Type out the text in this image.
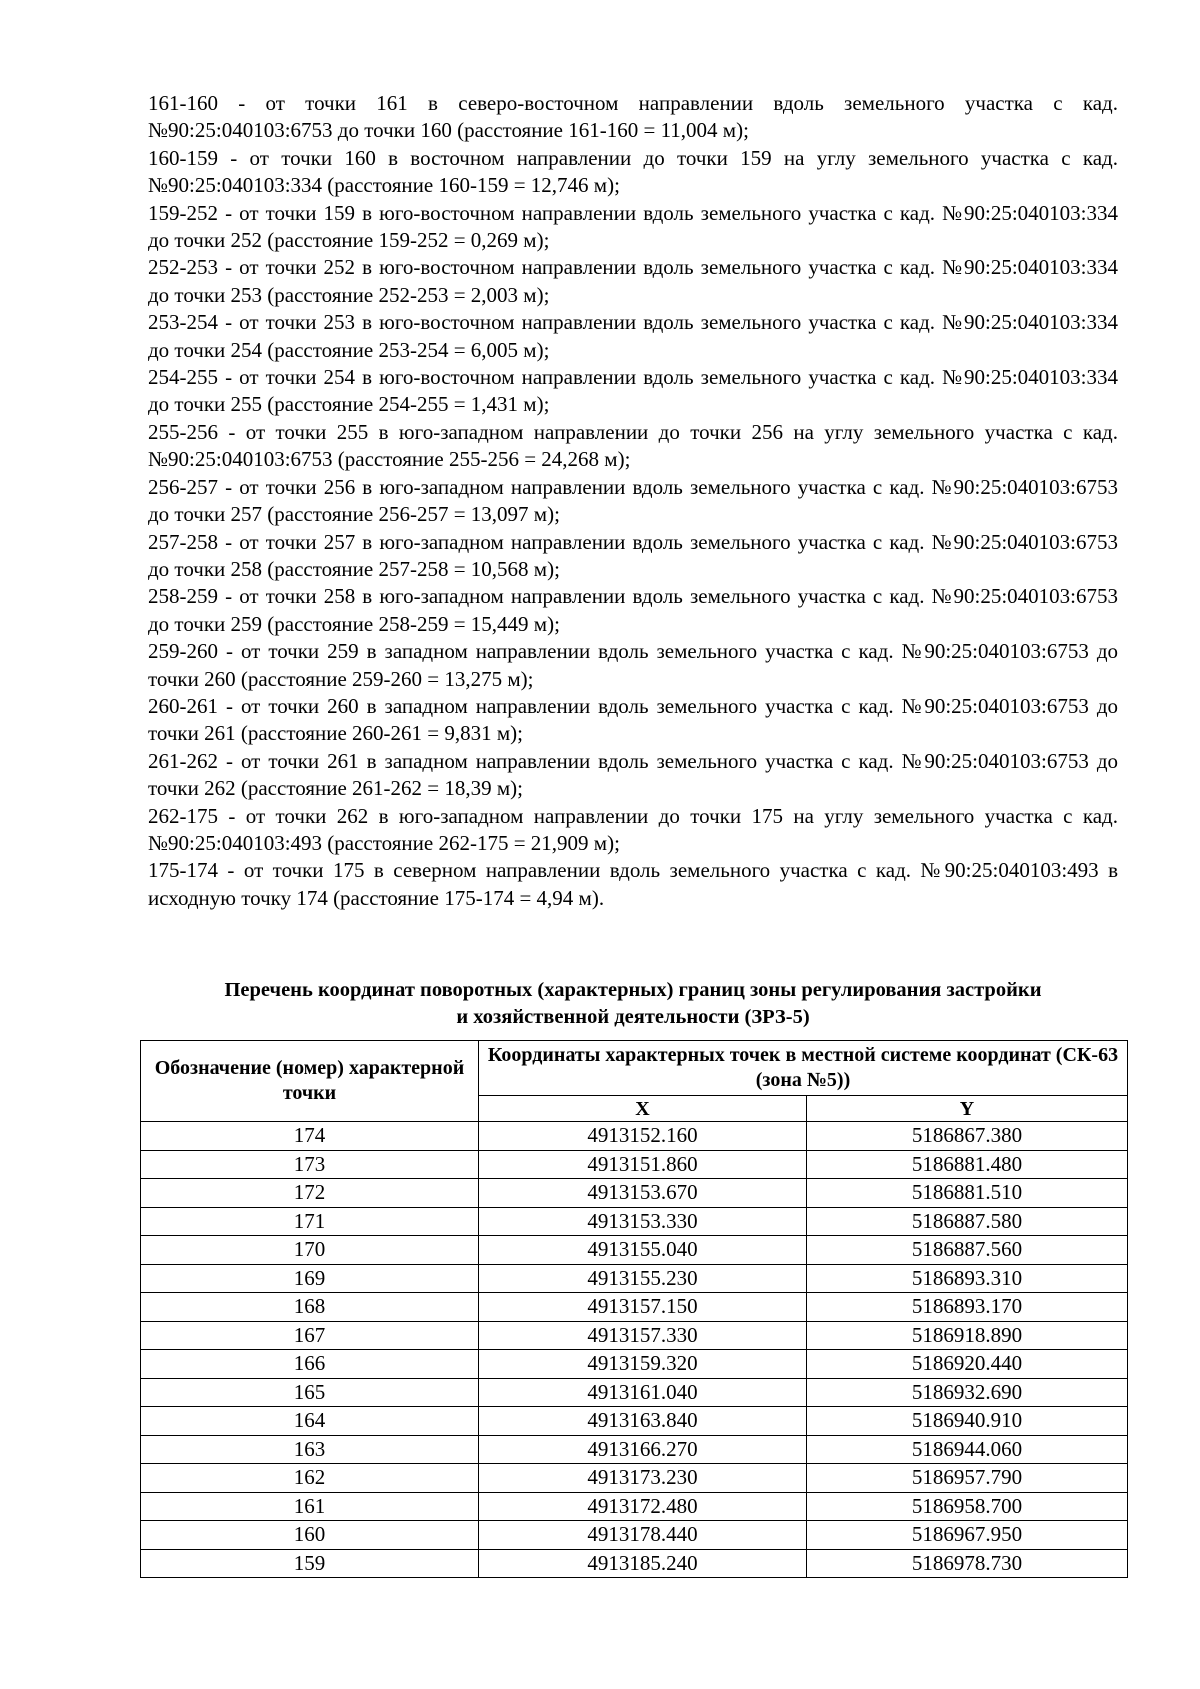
161-160 - от точки 161 в северо-восточном направлении вдоль земельного участка с кад. №90:25:040103:6753 до точки 160 (расстояние 161-160 = 11,004 м);

160-159 - от точки 160 в восточном направлении до точки 159 на углу земельного участка с кад. №90:25:040103:334 (расстояние 160-159 = 12,746 м);

159-252 - от точки 159 в юго-восточном направлении вдоль земельного участка с кад. №90:25:040103:334 до точки 252 (расстояние 159-252 = 0,269 м);

252-253 - от точки 252 в юго-восточном направлении вдоль земельного участка с кад. №90:25:040103:334 до точки 253 (расстояние 252-253 = 2,003 м);

253-254 - от точки 253 в юго-восточном направлении вдоль земельного участка с кад. №90:25:040103:334 до точки 254 (расстояние 253-254 = 6,005 м);

254-255 - от точки 254 в юго-восточном направлении вдоль земельного участка с кад. №90:25:040103:334 до точки 255 (расстояние 254-255 = 1,431 м);

255-256 - от точки 255 в юго-западном направлении до точки 256 на углу земельного участка с кад. №90:25:040103:6753 (расстояние 255-256 = 24,268 м);

256-257 - от точки 256 в юго-западном направлении вдоль земельного участка с кад. №90:25:040103:6753 до точки 257 (расстояние 256-257 = 13,097 м);

257-258 - от точки 257 в юго-западном направлении вдоль земельного участка с кад. №90:25:040103:6753 до точки 258 (расстояние 257-258 = 10,568 м);

258-259 - от точки 258 в юго-западном направлении вдоль земельного участка с кад. №90:25:040103:6753 до точки 259 (расстояние 258-259 = 15,449 м);

259-260 - от точки 259 в западном направлении вдоль земельного участка с кад. №90:25:040103:6753 до точки 260 (расстояние 259-260 = 13,275 м);

260-261 - от точки 260 в западном направлении вдоль земельного участка с кад. №90:25:040103:6753 до точки 261 (расстояние 260-261 = 9,831 м);

261-262 - от точки 261 в западном направлении вдоль земельного участка с кад. №90:25:040103:6753 до точки 262 (расстояние 261-262 = 18,39 м);

262-175 - от точки 262 в юго-западном направлении до точки 175 на углу земельного участка с кад. №90:25:040103:493 (расстояние 262-175 = 21,909 м);

175-174 - от точки 175 в северном направлении вдоль земельного участка с кад. №90:25:040103:493 в исходную точку 174 (расстояние 175-174 = 4,94 м).

Перечень координат поворотных (характерных) границ зоны регулирования застройки
и хозяйственной деятельности (ЗРЗ-5)
Обозначение (номер) характерной точки	Координаты характерных точек в местной системе координат (СК-63 (зона №5))	
	X	Y
174	4913152.160	5186867.380
173	4913151.860	5186881.480
172	4913153.670	5186881.510
171	4913153.330	5186887.580
170	4913155.040	5186887.560
169	4913155.230	5186893.310
168	4913157.150	5186893.170
167	4913157.330	5186918.890
166	4913159.320	5186920.440
165	4913161.040	5186932.690
164	4913163.840	5186940.910
163	4913166.270	5186944.060
162	4913173.230	5186957.790
161	4913172.480	5186958.700
160	4913178.440	5186967.950
159	4913185.240	5186978.730
